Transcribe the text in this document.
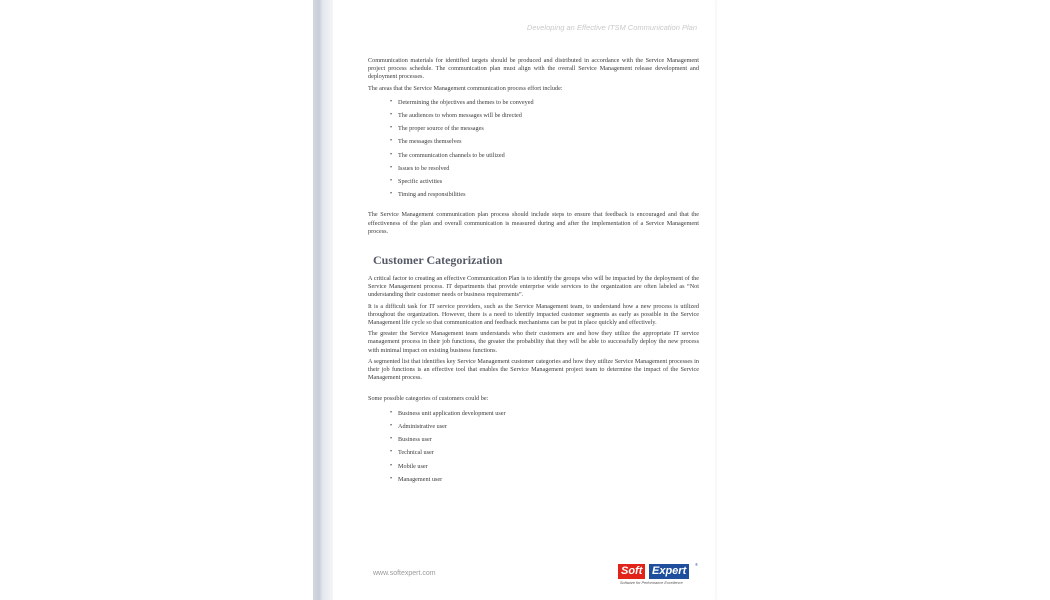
Developing an Effective ITSM Communication Plan

Communication materials for identified targets should be produced and distributed in accordance with the Service Management project process schedule. The communication plan must align with the overall Service Management release development and deployment processes.

The areas that the Service Management communication process effort include:

• Determining the objectives and themes to be conveyed
• The audiences to whom messages will be directed
• The proper source of the messages
• The messages themselves
• The communication channels to be utilized
• Issues to be resolved
• Specific activities
• Timing and responsibilities

The Service Management communication plan process should include steps to ensure that feedback is encouraged and that the effectiveness of the plan and overall communication is measured during and after the implementation of a Service Management process.

Customer Categorization

A critical factor to creating an effective Communication Plan is to identify the groups who will be impacted by the deployment of the Service Management process. IT departments that provide enterprise wide services to the organization are often labeled as “Not understanding their customer needs or business requirements”.

It is a difficult task for IT service providers, such as the Service Management team, to understand how a new process is utilized throughout the organization. However, there is a need to identify impacted customer segments as early as possible in the Service Management life cycle so that communication and feedback mechanisms can be put in place quickly and effectively.

The greater the Service Management team understands who their customers are and how they utilize the appropriate IT service management process in their job functions, the greater the probability that they will be able to successfully deploy the new process with minimal impact on existing business functions.

A segmented list that identifies key Service Management customer categories and how they utilize Service Management processes in their job functions is an effective tool that enables the Service Management project team to determine the impact of the Service Management process.

Some possible categories of customers could be:

• Business unit application development user
• Administrative user
• Business user
• Technical user
• Mobile user
• Management user
www.softexpert.com	Soft Expert
®
Software for Performance Excellence
